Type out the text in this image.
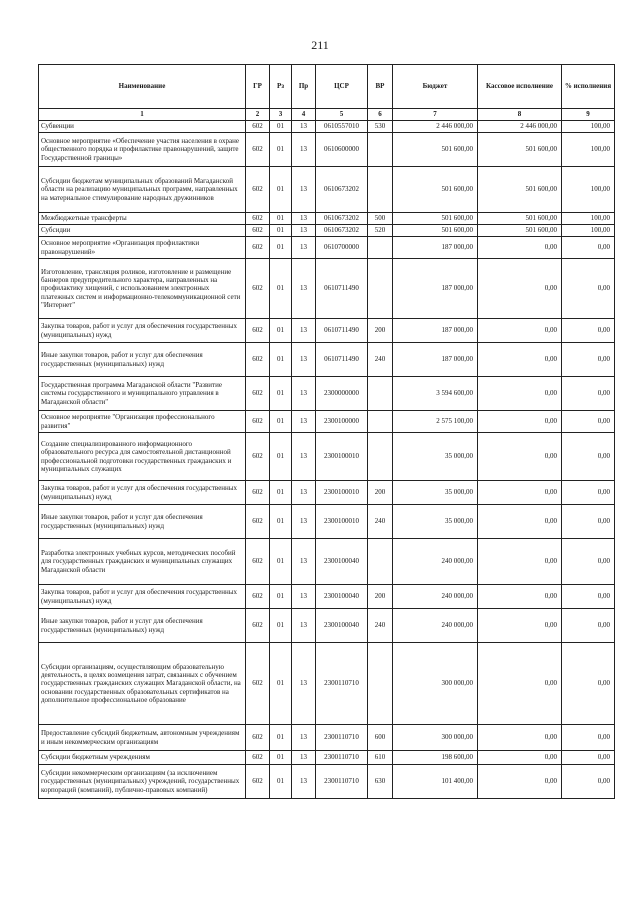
211
Наименование	ГР	Рз	Пр	ЦСР	ВР	Бюджет	Кассовое исполнение	% исполнения
1	2	3	4	5	6	7	8	9
Субвенции	602	01	13	0610557010	530	2 446 000,00	2 446 000,00	100,00
Основное мероприятие «Обеспечение участия населения в охране общественного порядка и профилактике правонарушений, защите Государственной границы»	602	01	13	0610600000		501 600,00	501 600,00	100,00
Субсидии бюджетам муниципальных образований Магаданской области на реализацию муниципальных программ, направленных на материальное стимулирование народных дружинников	602	01	13	0610673202		501 600,00	501 600,00	100,00
Межбюджетные трансферты	602	01	13	0610673202	500	501 600,00	501 600,00	100,00
Субсидии	602	01	13	0610673202	520	501 600,00	501 600,00	100,00
Основное мероприятие «Организация профилактики правонарушений»	602	01	13	0610700000		187 000,00	0,00	0,00
Изготовление, трансляция роликов, изготовление и размещение баннеров предупредительного характера, направленных на профилактику хищений, с использованием электронных платежных систем и информационно-телекоммуникационной сети "Интернет"	602	01	13	0610711490		187 000,00	0,00	0,00
Закупка товаров, работ и услуг для обеспечения государственных (муниципальных) нужд	602	01	13	0610711490	200	187 000,00	0,00	0,00
Иные закупки товаров, работ и услуг для обеспечения государственных (муниципальных) нужд	602	01	13	0610711490	240	187 000,00	0,00	0,00
Государственная программа Магаданской области "Развитие системы государственного и муниципального управления в Магаданской области"	602	01	13	2300000000		3 594 600,00	0,00	0,00
Основное мероприятие "Организация профессионального развития"	602	01	13	2300100000		2 575 100,00	0,00	0,00
Создание специализированного информационного образовательного ресурса для самостоятельной дистанционной профессиональной подготовки государственных гражданских и муниципальных служащих	602	01	13	2300100010		35 000,00	0,00	0,00
Закупка товаров, работ и услуг для обеспечения государственных (муниципальных) нужд	602	01	13	2300100010	200	35 000,00	0,00	0,00
Иные закупки товаров, работ и услуг для обеспечения государственных (муниципальных) нужд	602	01	13	2300100010	240	35 000,00	0,00	0,00
Разработка электронных учебных курсов, методических пособий для государственных гражданских и муниципальных служащих Магаданской области	602	01	13	2300100040		240 000,00	0,00	0,00
Закупка товаров, работ и услуг для обеспечения государственных (муниципальных) нужд	602	01	13	2300100040	200	240 000,00	0,00	0,00
Иные закупки товаров, работ и услуг для обеспечения государственных (муниципальных) нужд	602	01	13	2300100040	240	240 000,00	0,00	0,00
Субсидии организациям, осуществляющим образовательную деятельность, в целях возмещения затрат, связанных с обучением государственных гражданских служащих Магаданской области, на основании государственных образовательных сертификатов на дополнительное профессиональное образование	602	01	13	2300110710		300 000,00	0,00	0,00
Предоставление субсидий бюджетным, автономным учреждениям и иным некоммерческим организациям	602	01	13	2300110710	600	300 000,00	0,00	0,00
Субсидии бюджетным учреждениям	602	01	13	2300110710	610	198 600,00	0,00	0,00
Субсидии некоммерческим организациям (за исключением государственных (муниципальных) учреждений, государственных корпораций (компаний), публично-правовых компаний)	602	01	13	2300110710	630	101 400,00	0,00	0,00
